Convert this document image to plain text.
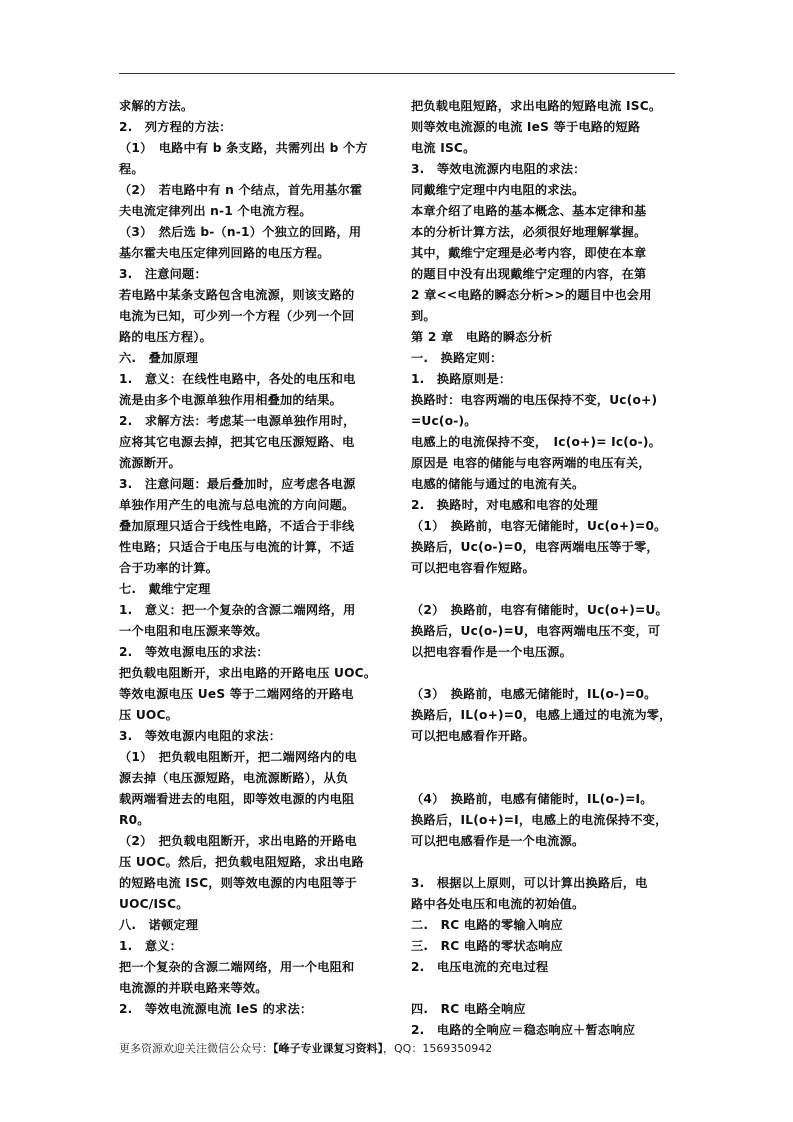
求解的方法。
2.　列方程的方法：
（1）　电路中有 b 条支路，共需列出 b 个方
程。
（2）　若电路中有 n 个结点，首先用基尔霍
夫电流定律列出 n-1 个电流方程。
（3）　然后选 b-（n-1）个独立的回路，用
基尔霍夫电压定律列回路的电压方程。
3.　注意问题：
若电路中某条支路包含电流源，则该支路的
电流为已知，可少列一个方程（少列一个回
路的电压方程）。
六.　叠加原理
1.　意义：在线性电路中，各处的电压和电
流是由多个电源单独作用相叠加的结果。
2.　求解方法：考虑某一电源单独作用时，
应将其它电源去掉，把其它电压源短路、电
流源断开。
3.　注意问题：最后叠加时，应考虑各电源
单独作用产生的电流与总电流的方向问题。
叠加原理只适合于线性电路，不适合于非线
性电路；只适合于电压与电流的计算，不适
合于功率的计算。
七.　戴维宁定理
1.　意义：把一个复杂的含源二端网络，用
一个电阻和电压源来等效。
2.　等效电源电压的求法：
把负载电阻断开，求出电路的开路电压 UOC。
等效电源电压 UeS 等于二端网络的开路电
压 UOC。
3.　等效电源内电阻的求法：
（1）　把负载电阻断开，把二端网络内的电
源去掉（电压源短路，电流源断路），从负
载两端看进去的电阻，即等效电源的内电阻
R0。
（2）　把负载电阻断开，求出电路的开路电
压 UOC。然后，把负载电阻短路，求出电路
的短路电流 ISC，则等效电源的内电阻等于
UOC/ISC。
八.　诺顿定理
1.　意义：
把一个复杂的含源二端网络，用一个电阻和
电流源的并联电路来等效。
2.　等效电流源电流 IeS 的求法：
把负载电阻短路，求出电路的短路电流 ISC。
则等效电流源的电流 IeS 等于电路的短路
电流 ISC。
3.　等效电流源内电阻的求法：
同戴维宁定理中内电阻的求法。
本章介绍了电路的基本概念、基本定律和基
本的分析计算方法，必须很好地理解掌握。
其中，戴维宁定理是必考内容，即使在本章
的题目中没有出现戴维宁定理的内容，在第
2 章<<电路的瞬态分析>>的题目中也会用
到。
第 2 章　电路的瞬态分析
一.　换路定则：
1.　换路原则是：
换路时：电容两端的电压保持不变，Uc(o+)
=Uc(o-)。
电感上的电流保持不变，　Ic(o+)= Ic(o-)。
原因是 电容的储能与电容两端的电压有关，
电感的储能与通过的电流有关。
2.　换路时，对电感和电容的处理
（1）　换路前，电容无储能时，Uc(o+)=0。
换路后，Uc(o-)=0，电容两端电压等于零，
可以把电容看作短路。
（2）　换路前，电容有储能时，Uc(o+)=U。
换路后，Uc(o-)=U，电容两端电压不变，可
以把电容看作是一个电压源。
（3）　换路前，电感无储能时，IL(o-)=0。
换路后，IL(o+)=0，电感上通过的电流为零，
可以把电感看作开路。
（4）　换路前，电感有储能时，IL(o-)=I。
换路后，IL(o+)=I，电感上的电流保持不变，
可以把电感看作是一个电流源。
3.　根据以上原则，可以计算出换路后，电
路中各处电压和电流的初始值。
二.　RC 电路的零输入响应
三.　RC 电路的零状态响应
2.　电压电流的充电过程
四.　RC 电路全响应
2.　电路的全响应＝稳态响应＋暂态响应
更多资源欢迎关注微信公众号：【峰子专业课复习资料】，QQ：1569350942
